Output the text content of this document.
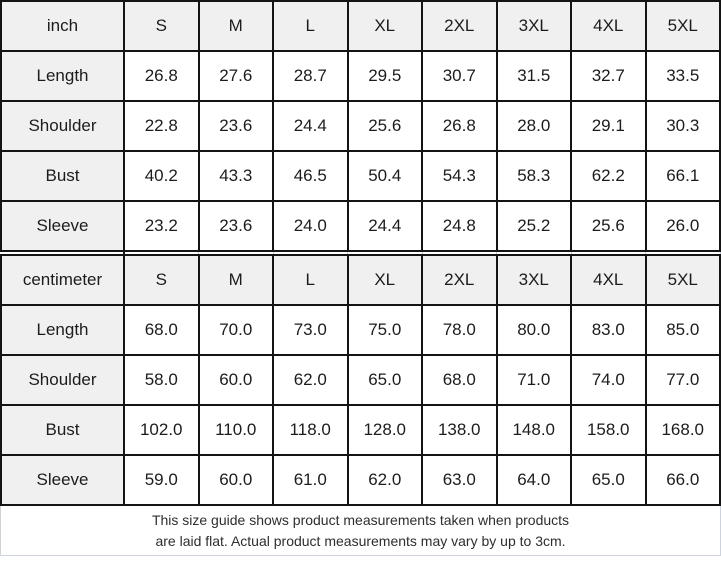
inch	S	M	L	XL	2XL	3XL	4XL	5XL
Length	26.8	27.6	28.7	29.5	30.7	31.5	32.7	33.5
Shoulder	22.8	23.6	24.4	25.6	26.8	28.0	29.1	30.3
Bust	40.2	43.3	46.5	50.4	54.3	58.3	62.2	66.1
Sleeve	23.2	23.6	24.0	24.4	24.8	25.2	25.6	26.0

centimeter	S	M	L	XL	2XL	3XL	4XL	5XL
Length	68.0	70.0	73.0	75.0	78.0	80.0	83.0	85.0
Shoulder	58.0	60.0	62.0	65.0	68.0	71.0	74.0	77.0
Bust	102.0	110.0	118.0	128.0	138.0	148.0	158.0	168.0
Sleeve	59.0	60.0	61.0	62.0	63.0	64.0	65.0	66.0
This size guide shows product measurements taken when products
are laid flat. Actual product measurements may vary by up to 3cm.
